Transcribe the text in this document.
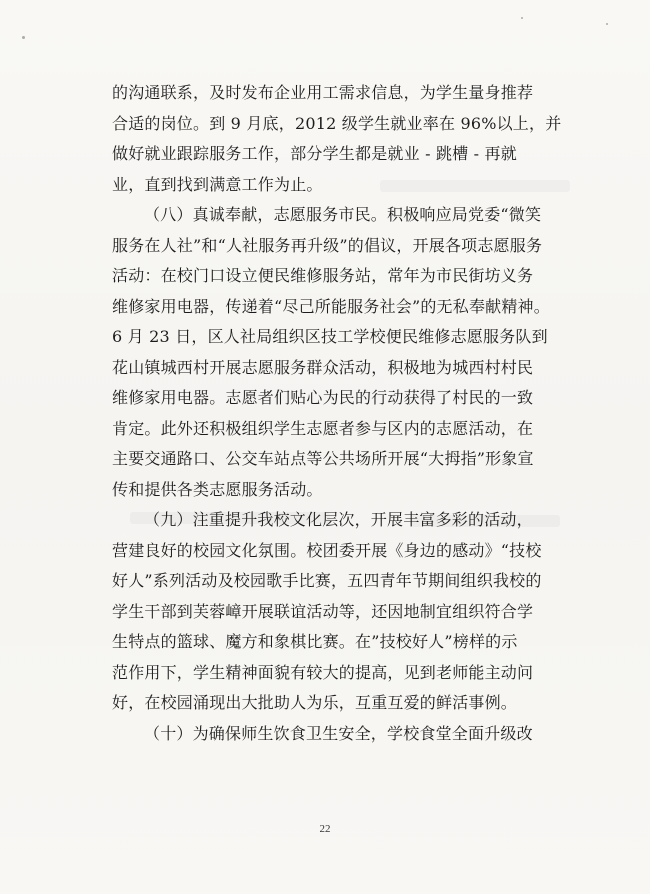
的沟通联系，及时发布企业用工需求信息，为学生量身推荐
合适的岗位。到 9 月底，2012 级学生就业率在 96%以上，并
做好就业跟踪服务工作，部分学生都是就业 - 跳槽 - 再就
业，直到找到满意工作为止。
（八）真诚奉献，志愿服务市民。积极响应局党委“微笑
服务在人社”和“人社服务再升级”的倡议，开展各项志愿服务
活动：在校门口设立便民维修服务站，常年为市民街坊义务
维修家用电器，传递着“尽己所能服务社会”的无私奉献精神。
6 月 23 日，区人社局组织区技工学校便民维修志愿服务队到
花山镇城西村开展志愿服务群众活动，积极地为城西村村民
维修家用电器。志愿者们贴心为民的行动获得了村民的一致
肯定。此外还积极组织学生志愿者参与区内的志愿活动，在
主要交通路口、公交车站点等公共场所开展“大拇指”形象宣
传和提供各类志愿服务活动。
（九）注重提升我校文化层次，开展丰富多彩的活动，
营建良好的校园文化氛围。校团委开展《身边的感动》“技校
好人”系列活动及校园歌手比赛，五四青年节期间组织我校的
学生干部到芙蓉嶂开展联谊活动等，还因地制宜组织符合学
生特点的篮球、魔方和象棋比赛。在”技校好人”榜样的示
范作用下，学生精神面貌有较大的提高，见到老师能主动问
好，在校园涌现出大批助人为乐，互重互爱的鲜活事例。
（十）为确保师生饮食卫生安全，学校食堂全面升级改
22
